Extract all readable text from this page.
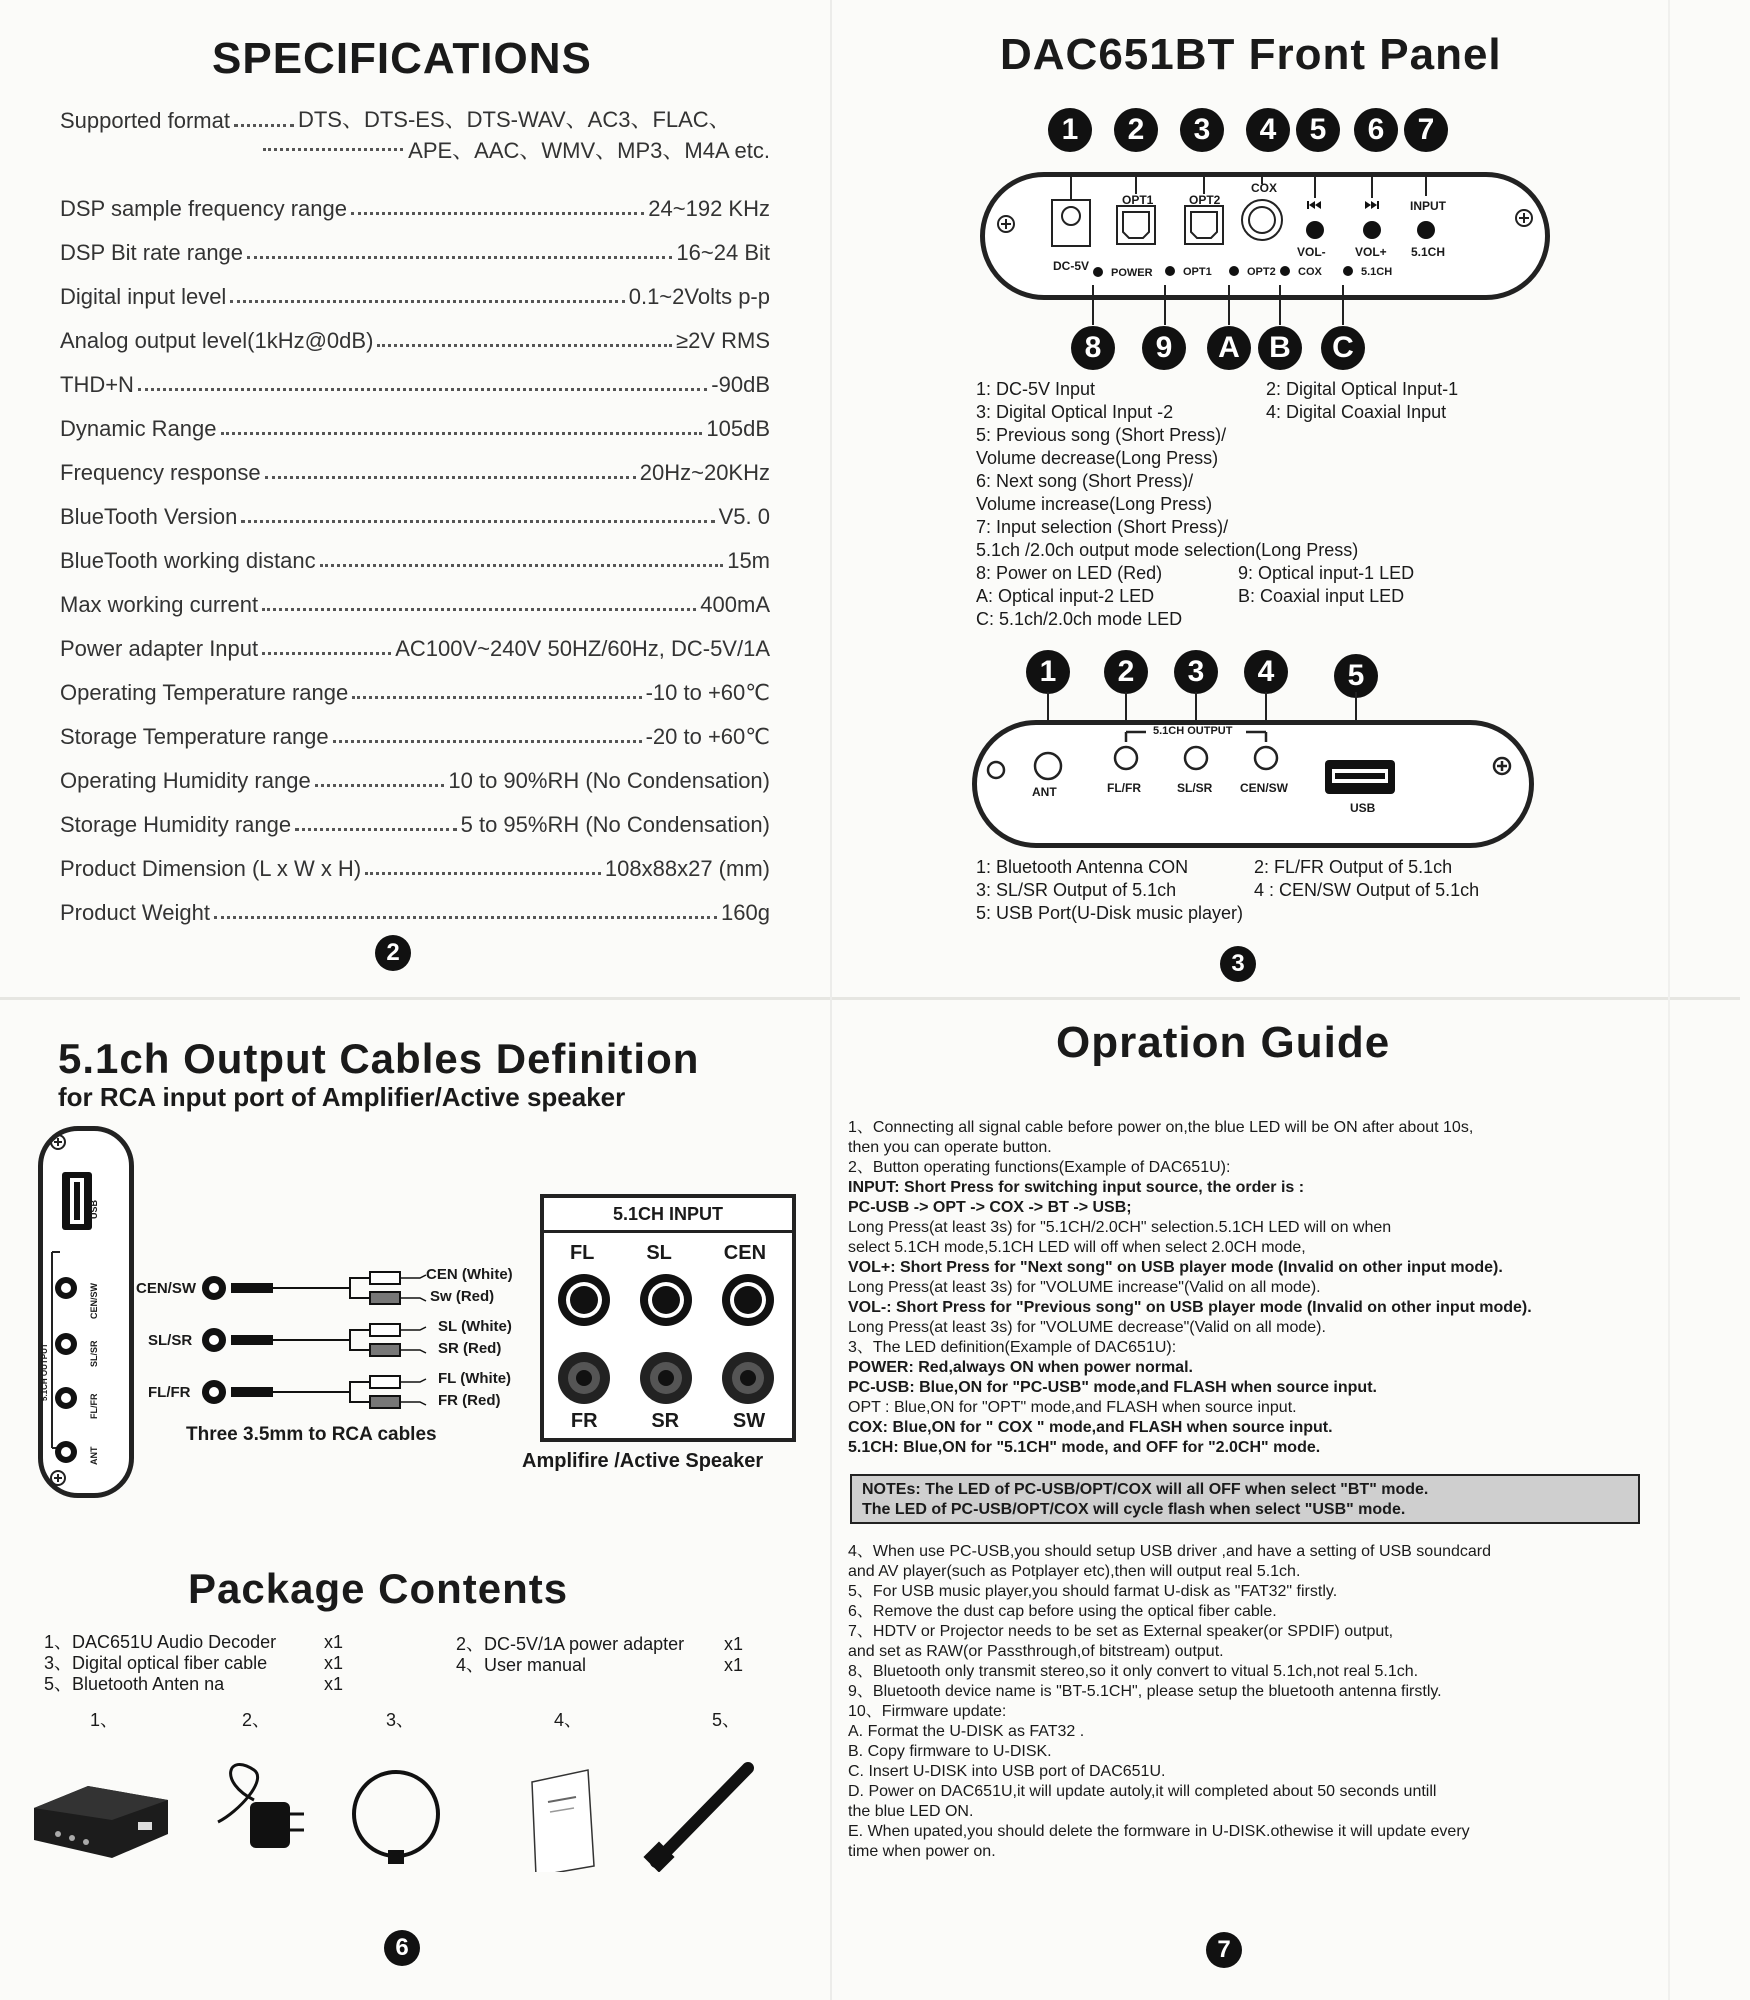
SPECIFICATIONS
Supported format	DTS、DTS-ES、DTS-WAV、AC3、FLAC、
APE、AAC、WMV、MP3、M4A etc.
DSP sample frequency range	24~192 KHz
DSP Bit rate range	16~24 Bit
Digital input level	0.1~2Volts p-p
Analog output level(1kHz@0dB)	≥2V RMS
THD+N	-90dB
Dynamic Range	105dB
Frequency response	20Hz~20KHz
BlueTooth Version	V5. 0
BlueTooth working distanc	15m
Max working current	400mA
Power adapter Input	AC100V~240V 50HZ/60Hz, DC-5V/1A
Operating Temperature range	-10 to +60℃
Storage Temperature range	-20 to +60℃
Operating Humidity range	10 to 90%RH (No Condensation)
Storage Humidity range	5 to 95%RH (No Condensation)
Product Dimension (L x W x H)	108x88x27 (mm)
Product Weight	160g
2
DAC651BT Front Panel
1	2	3	4	5	6	7
DC-5V
OPT1	OPT2
COX
INPUT
VOL- VOL+ 5.1CH
POWER	OPT1	OPT2 COX	5.1CH
8	9	A B	C
1: DC-5V Input
3: Digital Optical Input -2
5: Previous song (Short Press)/
Volume decrease(Long Press)
6: Next song (Short Press)/
Volume increase(Long Press)
7: Input selection (Short Press)/
5.1ch /2.0ch output mode selection(Long Press)
8: Power on LED (Red)
A: Optical input-2 LED
C: 5.1ch/2.0ch mode LED
2: Digital Optical Input-1
4: Digital Coaxial Input
9: Optical input-1 LED
B: Coaxial input LED
1	2	3	4	5
5.1CH OUTPUT
ANT	FL/FR	SL/SR CEN/SW
USB
1: Bluetooth Antenna CON
3: SL/SR Output of 5.1ch
5: USB Port(U-Disk music player)
2: FL/FR Output of 5.1ch
4 : CEN/SW Output of 5.1ch
3
5.1ch Output Cables Definition
for RCA input port of Amplifier/Active speaker
USB
CEN/SW
SL/SR
FL/FR
ANT
5.1CH OUTPUT
CEN/SW
SL/SR
FL/FR
CEN (White)
Sw (Red)
SL (White)
SR (Red)
FL (White)
FR (Red)
Three 3.5mm to RCA cables
5.1CH INPUT
FL	SL	CEN
FR	SR	SW
Amplifire /Active Speaker
Package Contents
1、DAC651U Audio Decoder	x1
3、Digital optical fiber cable	x1
5、Bluetooth Anten na	x1
2、DC-5V/1A power adapter x1
4、User manual	x1
1、	2、	3、	4、	5、
6
Opration Guide
1、Connecting all signal cable before power on,the blue LED will be ON after about 10s,
then you can operate button.
2、Button operating functions(Example of DAC651U):
INPUT: Short Press for switching input source, the order is :
PC-USB -> OPT -> COX -> BT -> USB;
Long Press(at least 3s) for "5.1CH/2.0CH" selection.5.1CH LED will on when
select 5.1CH mode,5.1CH LED will off when select 2.0CH mode,
VOL+: Short Press for "Next song" on USB player mode (Invalid on other input mode).
Long Press(at least 3s) for "VOLUME increase"(Valid on all mode).
VOL-: Short Press for "Previous song" on USB player mode (Invalid on other input mode).
Long Press(at least 3s) for "VOLUME decrease"(Valid on all mode).
3、The LED definition(Example of DAC651U):
POWER: Red,always ON when power normal.
PC-USB: Blue,ON for "PC-USB" mode,and FLASH when source input.
OPT : Blue,ON for "OPT" mode,and FLASH when source input.
COX: Blue,ON for " COX " mode,and FLASH when source input.
5.1CH: Blue,ON for "5.1CH" mode, and OFF for "2.0CH" mode.
NOTEs: The LED of PC-USB/OPT/COX will all OFF when select "BT" mode.
The LED of PC-USB/OPT/COX will cycle flash when select "USB" mode.
4、When use PC-USB,you should setup USB driver ,and have a setting of USB soundcard
and AV player(such as Potplayer etc),then will output real 5.1ch.
5、For USB music player,you should farmat U-disk as "FAT32" firstly.
6、Remove the dust cap before using the optical fiber cable.
7、HDTV or Projector needs to be set as External speaker(or SPDIF) output,
and set as RAW(or Passthrough,of bitstream) output.
8、Bluetooth only transmit stereo,so it only convert to vitual 5.1ch,not real 5.1ch.
9、Bluetooth device name is "BT-5.1CH", please setup the bluetooth antenna firstly.
10、Firmware update:
A. Format the U-DISK as FAT32 .
B. Copy firmware to U-DISK.
C. Insert U-DISK into USB port of DAC651U.
D. Power on DAC651U,it will update autoly,it will completed about 50 seconds untill
the blue LED ON.
E. When upated,you should delete the formware in U-DISK.othewise it will update every
time when power on.
7
